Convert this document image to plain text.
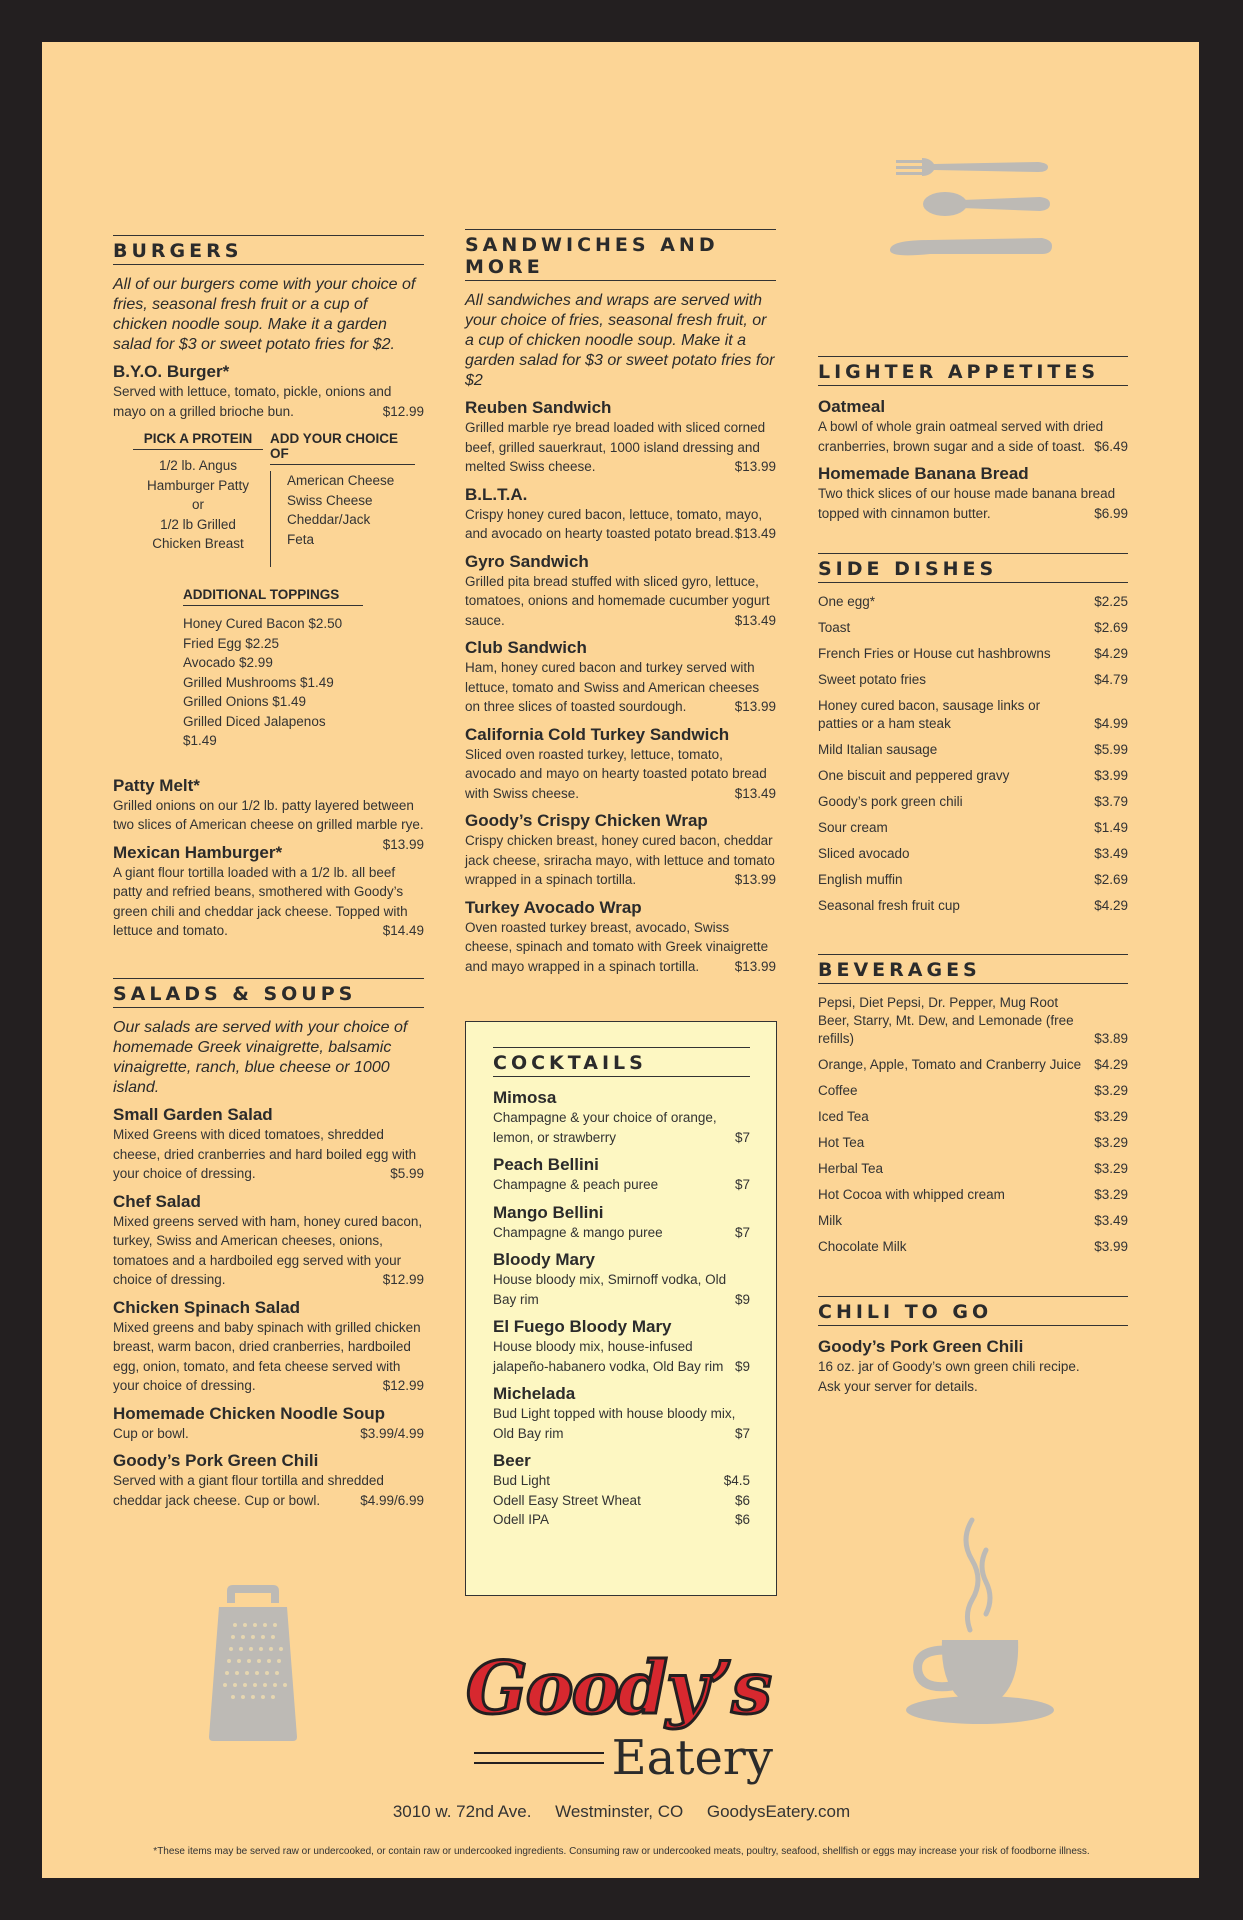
BURGERS
All of our burgers come with your choice of fries, seasonal fresh fruit or a cup of chicken noodle soup. Make it a garden salad for $3 or sweet potato fries for $2.
B.Y.O. Burger*
Served with lettuce, tomato, pickle, onions and mayo on a grilled brioche bun.	$12.99
PICK A PROTEIN
1/2 lb. Angus
Hamburger Patty
or
1/2 lb Grilled
Chicken Breast
ADD YOUR CHOICE OF
American Cheese
Swiss Cheese
Cheddar/Jack
Feta
ADDITIONAL TOPPINGS
Honey Cured Bacon $2.50
Fried Egg $2.25
Avocado $2.99
Grilled Mushrooms $1.49
Grilled Onions $1.49
Grilled Diced Jalapenos $1.49
Patty Melt*
Grilled onions on our 1/2 lb. patty layered between two slices of American cheese on grilled marble rye.
$13.99
Mexican Hamburger*
A giant flour tortilla loaded with a 1/2 lb. all beef patty and refried beans, smothered with Goody’s green chili and cheddar jack cheese. Topped with lettuce and tomato.	$14.49
SALADS & SOUPS
Our salads are served with your choice of homemade Greek vinaigrette, balsamic vinaigrette, ranch, blue cheese or 1000 island.
Small Garden Salad
Mixed Greens with diced tomatoes, shredded cheese, dried cranberries and hard boiled egg with your choice of dressing.	$5.99
Chef Salad
Mixed greens served with ham, honey cured bacon, turkey, Swiss and American cheeses, onions, tomatoes and a hardboiled egg served with your choice of dressing.	$12.99
Chicken Spinach Salad
Mixed greens and baby spinach with grilled chicken breast, warm bacon, dried cranberries, hardboiled egg, onion, tomato, and feta cheese served with your choice of dressing.	$12.99
Homemade Chicken Noodle Soup
Cup or bowl.	$3.99/4.99
Goody’s Pork Green Chili
Served with a giant flour tortilla and shredded cheddar jack cheese. Cup or bowl.	$4.99/6.99
SANDWICHES AND MORE
All sandwiches and wraps are served with your choice of fries, seasonal fresh fruit, or a cup of chicken noodle soup. Make it a garden salad for $3 or sweet potato fries for $2
Reuben Sandwich
Grilled marble rye bread loaded with sliced corned beef, grilled sauerkraut, 1000 island dressing and melted Swiss cheese.	$13.99
B.L.T.A.
Crispy honey cured bacon, lettuce, tomato, mayo, and avocado on hearty toasted potato bread. $13.49
Gyro Sandwich
Grilled pita bread stuffed with sliced gyro, lettuce, tomatoes, onions and homemade cucumber yogurt sauce.	$13.49
Club Sandwich
Ham, honey cured bacon and turkey served with lettuce, tomato and Swiss and American cheeses on three slices of toasted sourdough.	$13.99
California Cold Turkey Sandwich
Sliced oven roasted turkey, lettuce, tomato, avocado and mayo on hearty toasted potato bread with Swiss cheese.	$13.49
Goody’s Crispy Chicken Wrap
Crispy chicken breast, honey cured bacon, cheddar jack cheese, sriracha mayo, with lettuce and tomato wrapped in a spinach tortilla.	$13.99
Turkey Avocado Wrap
Oven roasted turkey breast, avocado, Swiss cheese, spinach and tomato with Greek vinaigrette and mayo wrapped in a spinach tortilla.	$13.99
COCKTAILS
Mimosa
Champagne & your choice of orange, lemon, or strawberry	$7
Peach Bellini
Champagne & peach puree	$7
Mango Bellini
Champagne & mango puree	$7
Bloody Mary
House bloody mix, Smirnoff vodka, Old Bay rim	$9
El Fuego Bloody Mary
House bloody mix, house-infused jalapeño-habanero vodka, Old Bay rim $9
Michelada
Bud Light topped with house bloody mix, Old Bay rim	$7
Beer
Bud Light	$4.5
Odell Easy Street Wheat	$6
Odell IPA	$6
LIGHTER APPETITES
Oatmeal
A bowl of whole grain oatmeal served with dried cranberries, brown sugar and a side of toast. $6.49
Homemade Banana Bread
Two thick slices of our house made banana bread topped with cinnamon butter.	$6.99
SIDE DISHES
One egg*	$2.25
Toast	$2.69
French Fries or House cut hashbrowns	$4.29
Sweet potato fries	$4.79
Honey cured bacon, sausage links or patties or a ham steak	$4.99
Mild Italian sausage	$5.99
One biscuit and peppered gravy	$3.99
Goody’s pork green chili	$3.79
Sour cream	$1.49
Sliced avocado	$3.49
English muffin	$2.69
Seasonal fresh fruit cup	$4.29
BEVERAGES
Pepsi, Diet Pepsi, Dr. Pepper, Mug Root Beer, Starry, Mt. Dew, and Lemonade (free refills)	$3.89
Orange, Apple, Tomato and Cranberry Juice $4.29
Coffee	$3.29
Iced Tea	$3.29
Hot Tea	$3.29
Herbal Tea	$3.29
Hot Cocoa with whipped cream	$3.29
Milk	$3.49
Chocolate Milk	$3.99
CHILI TO GO
Goody’s Pork Green Chili
16 oz. jar of Goody’s own green chili recipe. Ask your server for details.
Goody’s
Eatery
3010 w. 72nd Ave.     Westminster, CO     GoodysEatery.com
*These items may be served raw or undercooked, or contain raw or undercooked ingredients. Consuming raw or undercooked meats, poultry, seafood, shellfish or eggs may increase your risk of foodborne illness.
